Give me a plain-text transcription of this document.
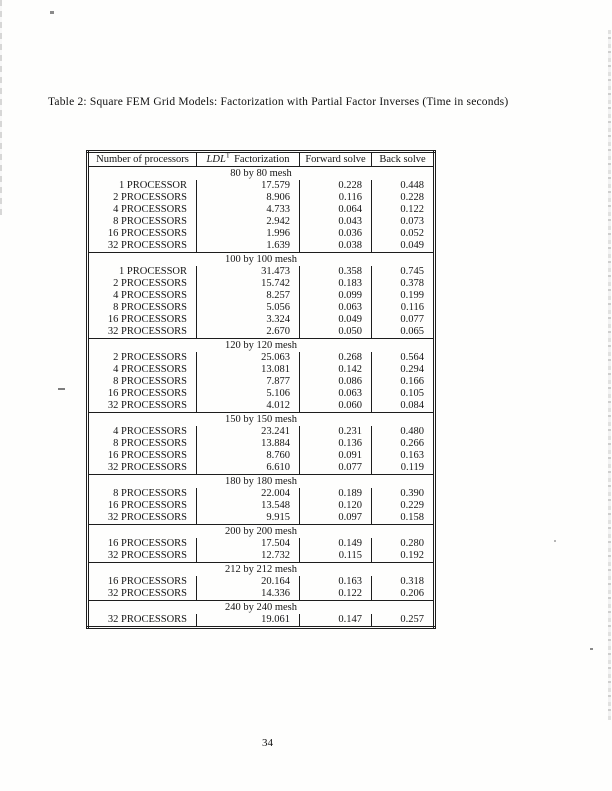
Table 2: Square FEM Grid Models: Factorization with Partial Factor Inverses (Time in seconds)
Number of processors	$LDL^T$ Factorization	Forward solve	Back solve
80 by 80 mesh			
1 PROCESSOR	17.579	0.228	0.448
2 PROCESSORS	8.906	0.116	0.228
4 PROCESSORS	4.733	0.064	0.122
8 PROCESSORS	2.942	0.043	0.073
16 PROCESSORS	1.996	0.036	0.052
32 PROCESSORS	1.639	0.038	0.049
100 by 100 mesh			
1 PROCESSOR	31.473	0.358	0.745
2 PROCESSORS	15.742	0.183	0.378
4 PROCESSORS	8.257	0.099	0.199
8 PROCESSORS	5.056	0.063	0.116
16 PROCESSORS	3.324	0.049	0.077
32 PROCESSORS	2.670	0.050	0.065
120 by 120 mesh			
2 PROCESSORS	25.063	0.268	0.564
4 PROCESSORS	13.081	0.142	0.294
8 PROCESSORS	7.877	0.086	0.166
16 PROCESSORS	5.106	0.063	0.105
32 PROCESSORS	4.012	0.060	0.084
150 by 150 mesh			
4 PROCESSORS	23.241	0.231	0.480
8 PROCESSORS	13.884	0.136	0.266
16 PROCESSORS	8.760	0.091	0.163
32 PROCESSORS	6.610	0.077	0.119
180 by 180 mesh			
8 PROCESSORS	22.004	0.189	0.390
16 PROCESSORS	13.548	0.120	0.229
32 PROCESSORS	9.915	0.097	0.158
200 by 200 mesh			
16 PROCESSORS	17.504	0.149	0.280
32 PROCESSORS	12.732	0.115	0.192
212 by 212 mesh			
16 PROCESSORS	20.164	0.163	0.318
32 PROCESSORS	14.336	0.122	0.206
240 by 240 mesh			
32 PROCESSORS	19.061	0.147	0.257
34
